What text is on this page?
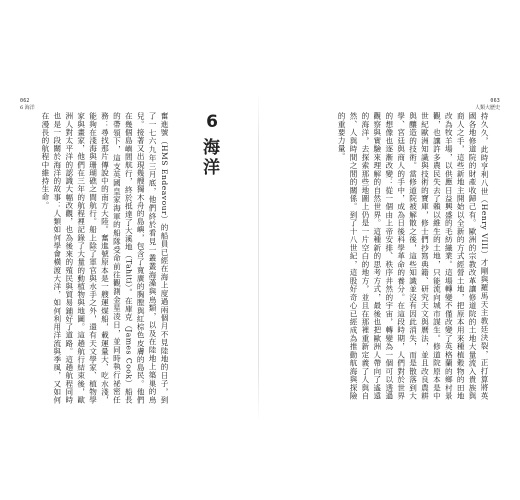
062
6 海洋
063
人類大歷史
奮進號（HMS Endeavour）的船員已經在海上度過兩個月不見陸地的日子，到了一七六九年三月底，他們終於看見一叢叢海藻與鳥類，以及在陸地上築巢的鳥兒。接著又出現幾艘獨木舟的島嶼，包含了寬廣的胸膛與紅棕色皮膚的島民。他們在幾個島嶼間航行，終於抵達了大溪地（Tahiti）。在庫克（James Cook）船長的帶領下，這支英國皇家海軍的船隊受命前往觀測金星凌日，並同時執行祕密任務：尋找那片傳說中的南方大陸。奮進號原本是一艘運煤船，載運量大、吃水淺，能夠在淺海與珊瑚礁之間航行。船上除了軍官與水手之外，還有天文學家、植物學家與畫家，他們在三年的航程裡記錄了大量的動植物與地圖。這趟航行結束後，歐洲人對太平洋的認識大幅改觀，也為後來的殖民與貿易鋪好了道路。這趟航程同時也是一段關於海洋的故事：人類如何學會橫渡大洋，如何利用洋流與季風，又如何在漫長的航程中維持生命。	6
海洋	持久久，此時亨利八世（Henry VIII）才剛與羅馬天主教廷決裂，正打算將英國各地修道院的財產收歸己有。歐洲的宗教改革讓修道院的土地大量流入貴族與商人之手，這些新地主開始以全新的方式經營土地，把原本用來種植穀物的田地改為牧羊場，以供應日益興盛的毛紡織業。這場轉變不僅改變了英格蘭的鄉村景觀，也讓許多農民失去了賴以維生的土地，只能流向城市謀生。修道院原本是中世紀歐洲知識與技術的寶庫，修士們抄寫典籍、研究天文與曆法，並且改良農耕與釀造的技術。當修道院被解散之後，這些知識並沒有因此消失，而是散落到大學、宮廷與商人的手中，成為日後科學革命的養分。在這段時期，人們對於世界的想像也逐漸改變：從一個由上帝安排、秩序井然的宇宙，轉變為一個可以透過觀察與實驗來理解的自然世界。這種新的思考方式，最後也把歐洲人帶向了遙遠的海洋，去探索那些地圖上仍是一片空白的地方，並且在那裡重新定義了人與自然、人與時間之間的關係。到了十八世紀，這股好奇心已經成為推動航海與探險的重要力量。
